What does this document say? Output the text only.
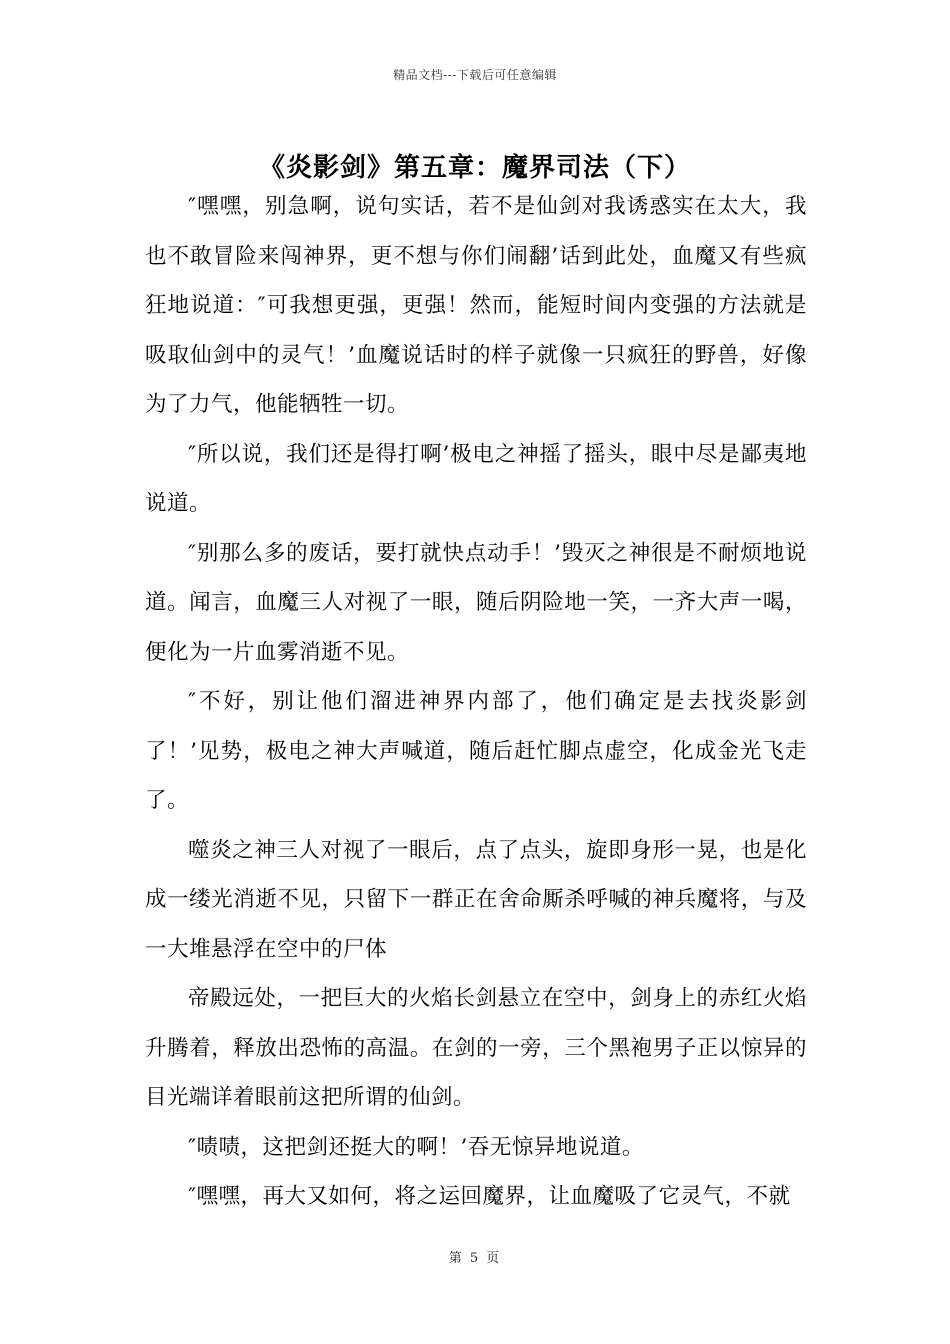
精品文档---下载后可任意编辑
《炎影剑》第五章：魔界司法（下）

″嘿嘿，别急啊，说句实话，若不是仙剑对我诱惑实在太大，我也不敢冒险来闯神界，更不想与你们闹翻’话到此处，血魔又有些疯狂地说道：″可我想更强，更强！然而，能短时间内变强的方法就是吸取仙剑中的灵气！’血魔说话时的样子就像一只疯狂的野兽，好像为了力气，他能牺牲一切。

″所以说，我们还是得打啊’极电之神摇了摇头，眼中尽是鄙夷地说道。

″别那么多的废话，要打就快点动手！’毁灭之神很是不耐烦地说道。闻言，血魔三人对视了一眼，随后阴险地一笑，一齐大声一喝，便化为一片血雾消逝不见。

″不好，别让他们溜进神界内部了，他们确定是去找炎影剑了！’见势，极电之神大声喊道，随后赶忙脚点虚空，化成金光飞走了。

噬炎之神三人对视了一眼后，点了点头，旋即身形一晃，也是化成一缕光消逝不见，只留下一群正在舍命厮杀呼喊的神兵魔将，与及一大堆悬浮在空中的尸体

帝殿远处，一把巨大的火焰长剑悬立在空中，剑身上的赤红火焰升腾着，释放出恐怖的高温。在剑的一旁，三个黑袍男子正以惊异的目光端详着眼前这把所谓的仙剑。

″啧啧，这把剑还挺大的啊！’吞无惊异地说道。

″嘿嘿，再大又如何，将之运回魔界，让血魔吸了它灵气，不就

第 5 页
